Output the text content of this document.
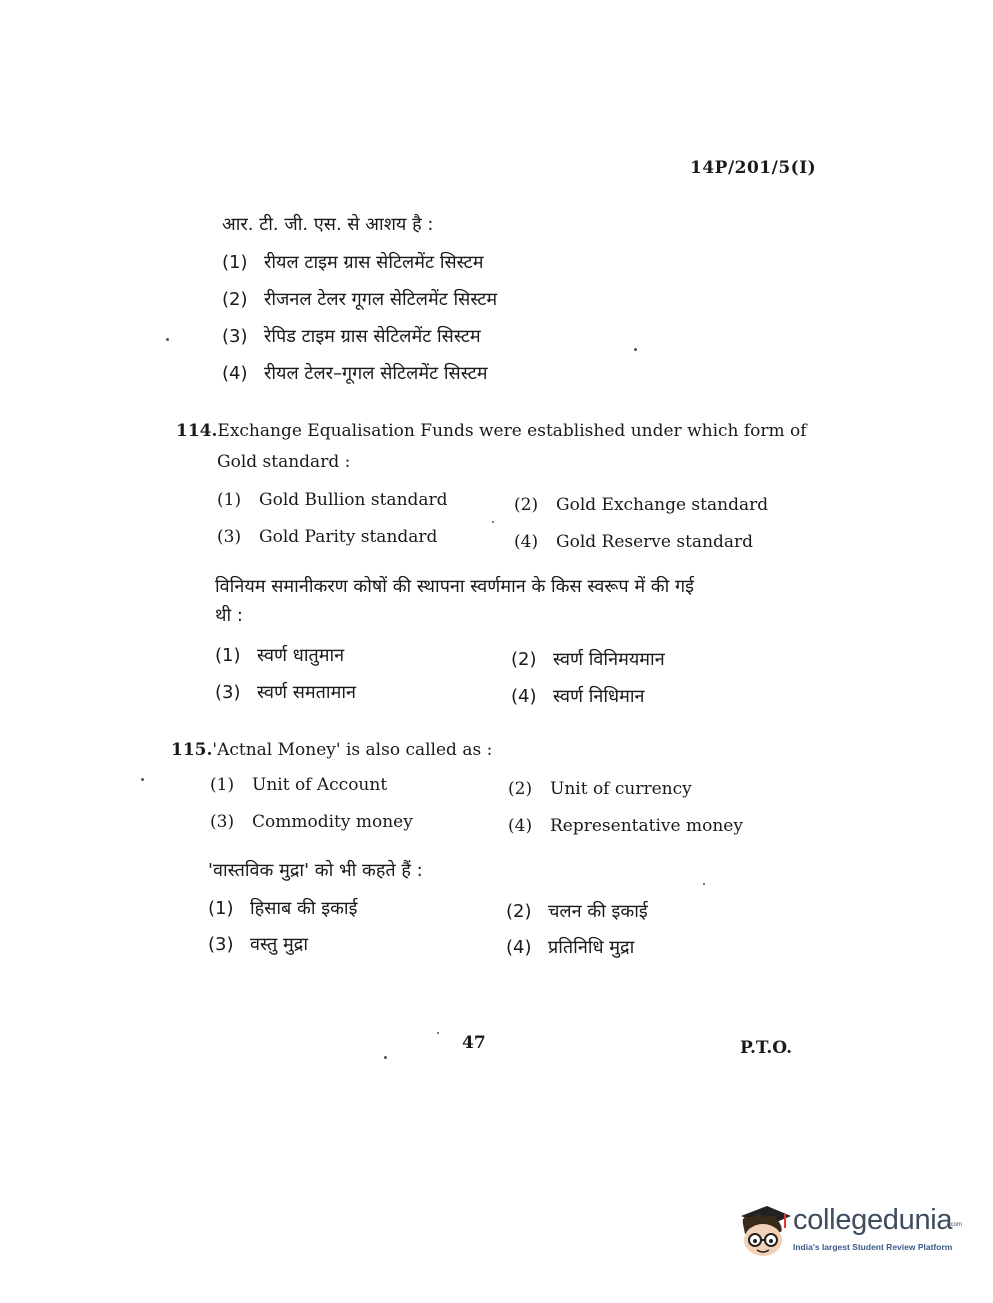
14P/201/5(I)
आर. टी. जी. एस. से आशय है :
(1) रीयल टाइम ग्रास सेटिलमेंट सिस्टम
(2) रीजनल टेलर गूगल सेटिलमेंट सिस्टम
(3) रेपिड टाइम ग्रास सेटिलमेंट सिस्टम
(4) रीयल टेलर–गूगल सेटिलमेंट सिस्टम
114.Exchange Equalisation Funds were established under which form of
Gold standard :
(1) Gold Bullion standard	(2) Gold Exchange standard
(3) Gold Parity standard	(4) Gold Reserve standard
विनियम समानीकरण कोषों की स्थापना स्वर्णमान के किस स्वरूप में की गई
थी :
(1) स्वर्ण धातुमान	(2) स्वर्ण विनिमयमान
(3) स्वर्ण समतामान	(4) स्वर्ण निधिमान
115.'Actnal Money' is also called as :
(1) Unit of Account	(2) Unit of currency
(3) Commodity money	(4) Representative money
'वास्तविक मुद्रा' को भी कहते हैं :
(1) हिसाब की इकाई	(2) चलन की इकाई
(3) वस्तु मुद्रा	(4) प्रतिनिधि मुद्रा
47	P.T.O.
collegedunia
.com
India's largest Student Review Platform
